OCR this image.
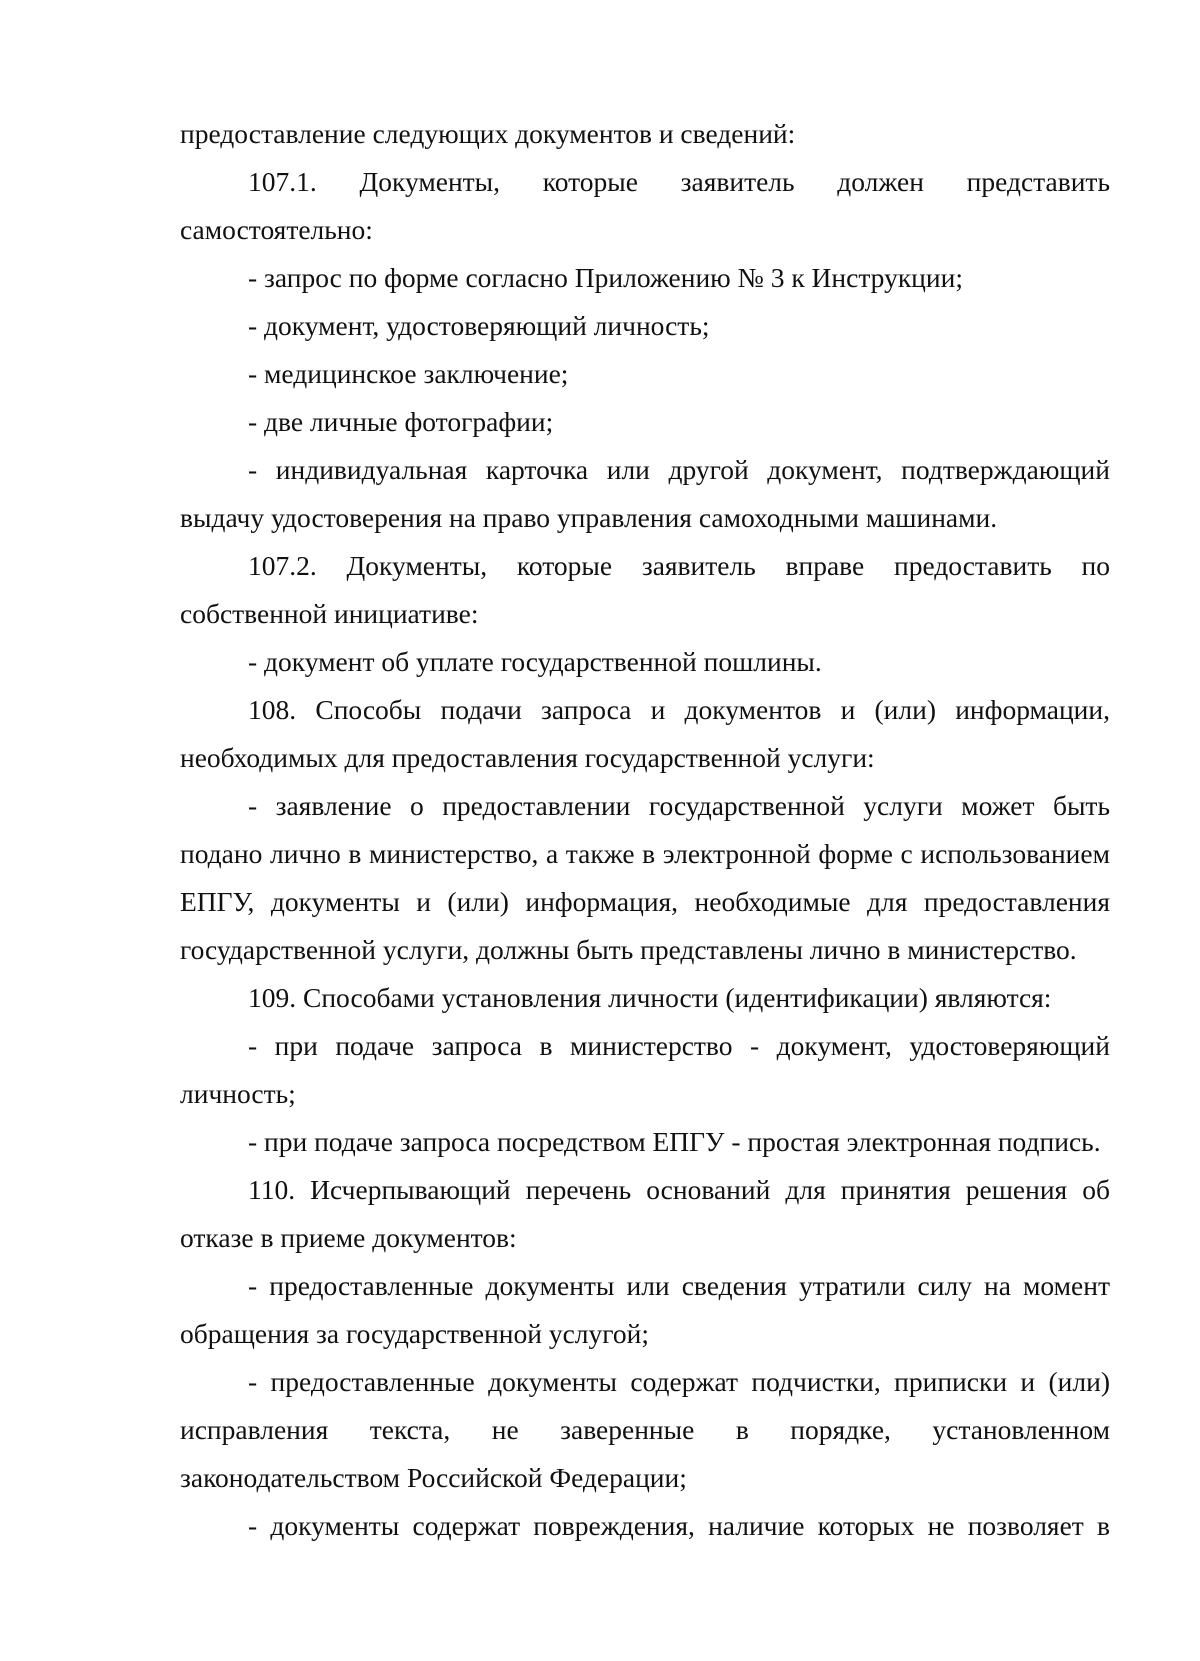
предоставление следующих документов и сведений:
107.1. Документы, которые заявитель должен представить
самостоятельно:
- запрос по форме согласно Приложению № 3 к Инструкции;
- документ, удостоверяющий личность;
- медицинское заключение;
- две личные фотографии;
- индивидуальная карточка или другой документ, подтверждающий
выдачу удостоверения на право управления самоходными машинами.
107.2. Документы, которые заявитель вправе предоставить по
собственной инициативе:
- документ об уплате государственной пошлины.
108. Способы подачи запроса и документов и (или) информации,
необходимых для предоставления государственной услуги:
- заявление о предоставлении государственной услуги может быть
подано лично в министерство, а также в электронной форме с использованием
ЕПГУ, документы и (или) информация, необходимые для предоставления
государственной услуги, должны быть представлены лично в министерство.
109. Способами установления личности (идентификации) являются:
- при подаче запроса в министерство - документ, удостоверяющий
личность;
- при подаче запроса посредством ЕПГУ - простая электронная подпись.
110. Исчерпывающий перечень оснований для принятия решения об
отказе в приеме документов:
- предоставленные документы или сведения утратили силу на момент
обращения за государственной услугой;
- предоставленные документы содержат подчистки, приписки и (или)
исправления текста, не заверенные в порядке, установленном
законодательством Российской Федерации;
- документы содержат повреждения, наличие которых не позволяет в
